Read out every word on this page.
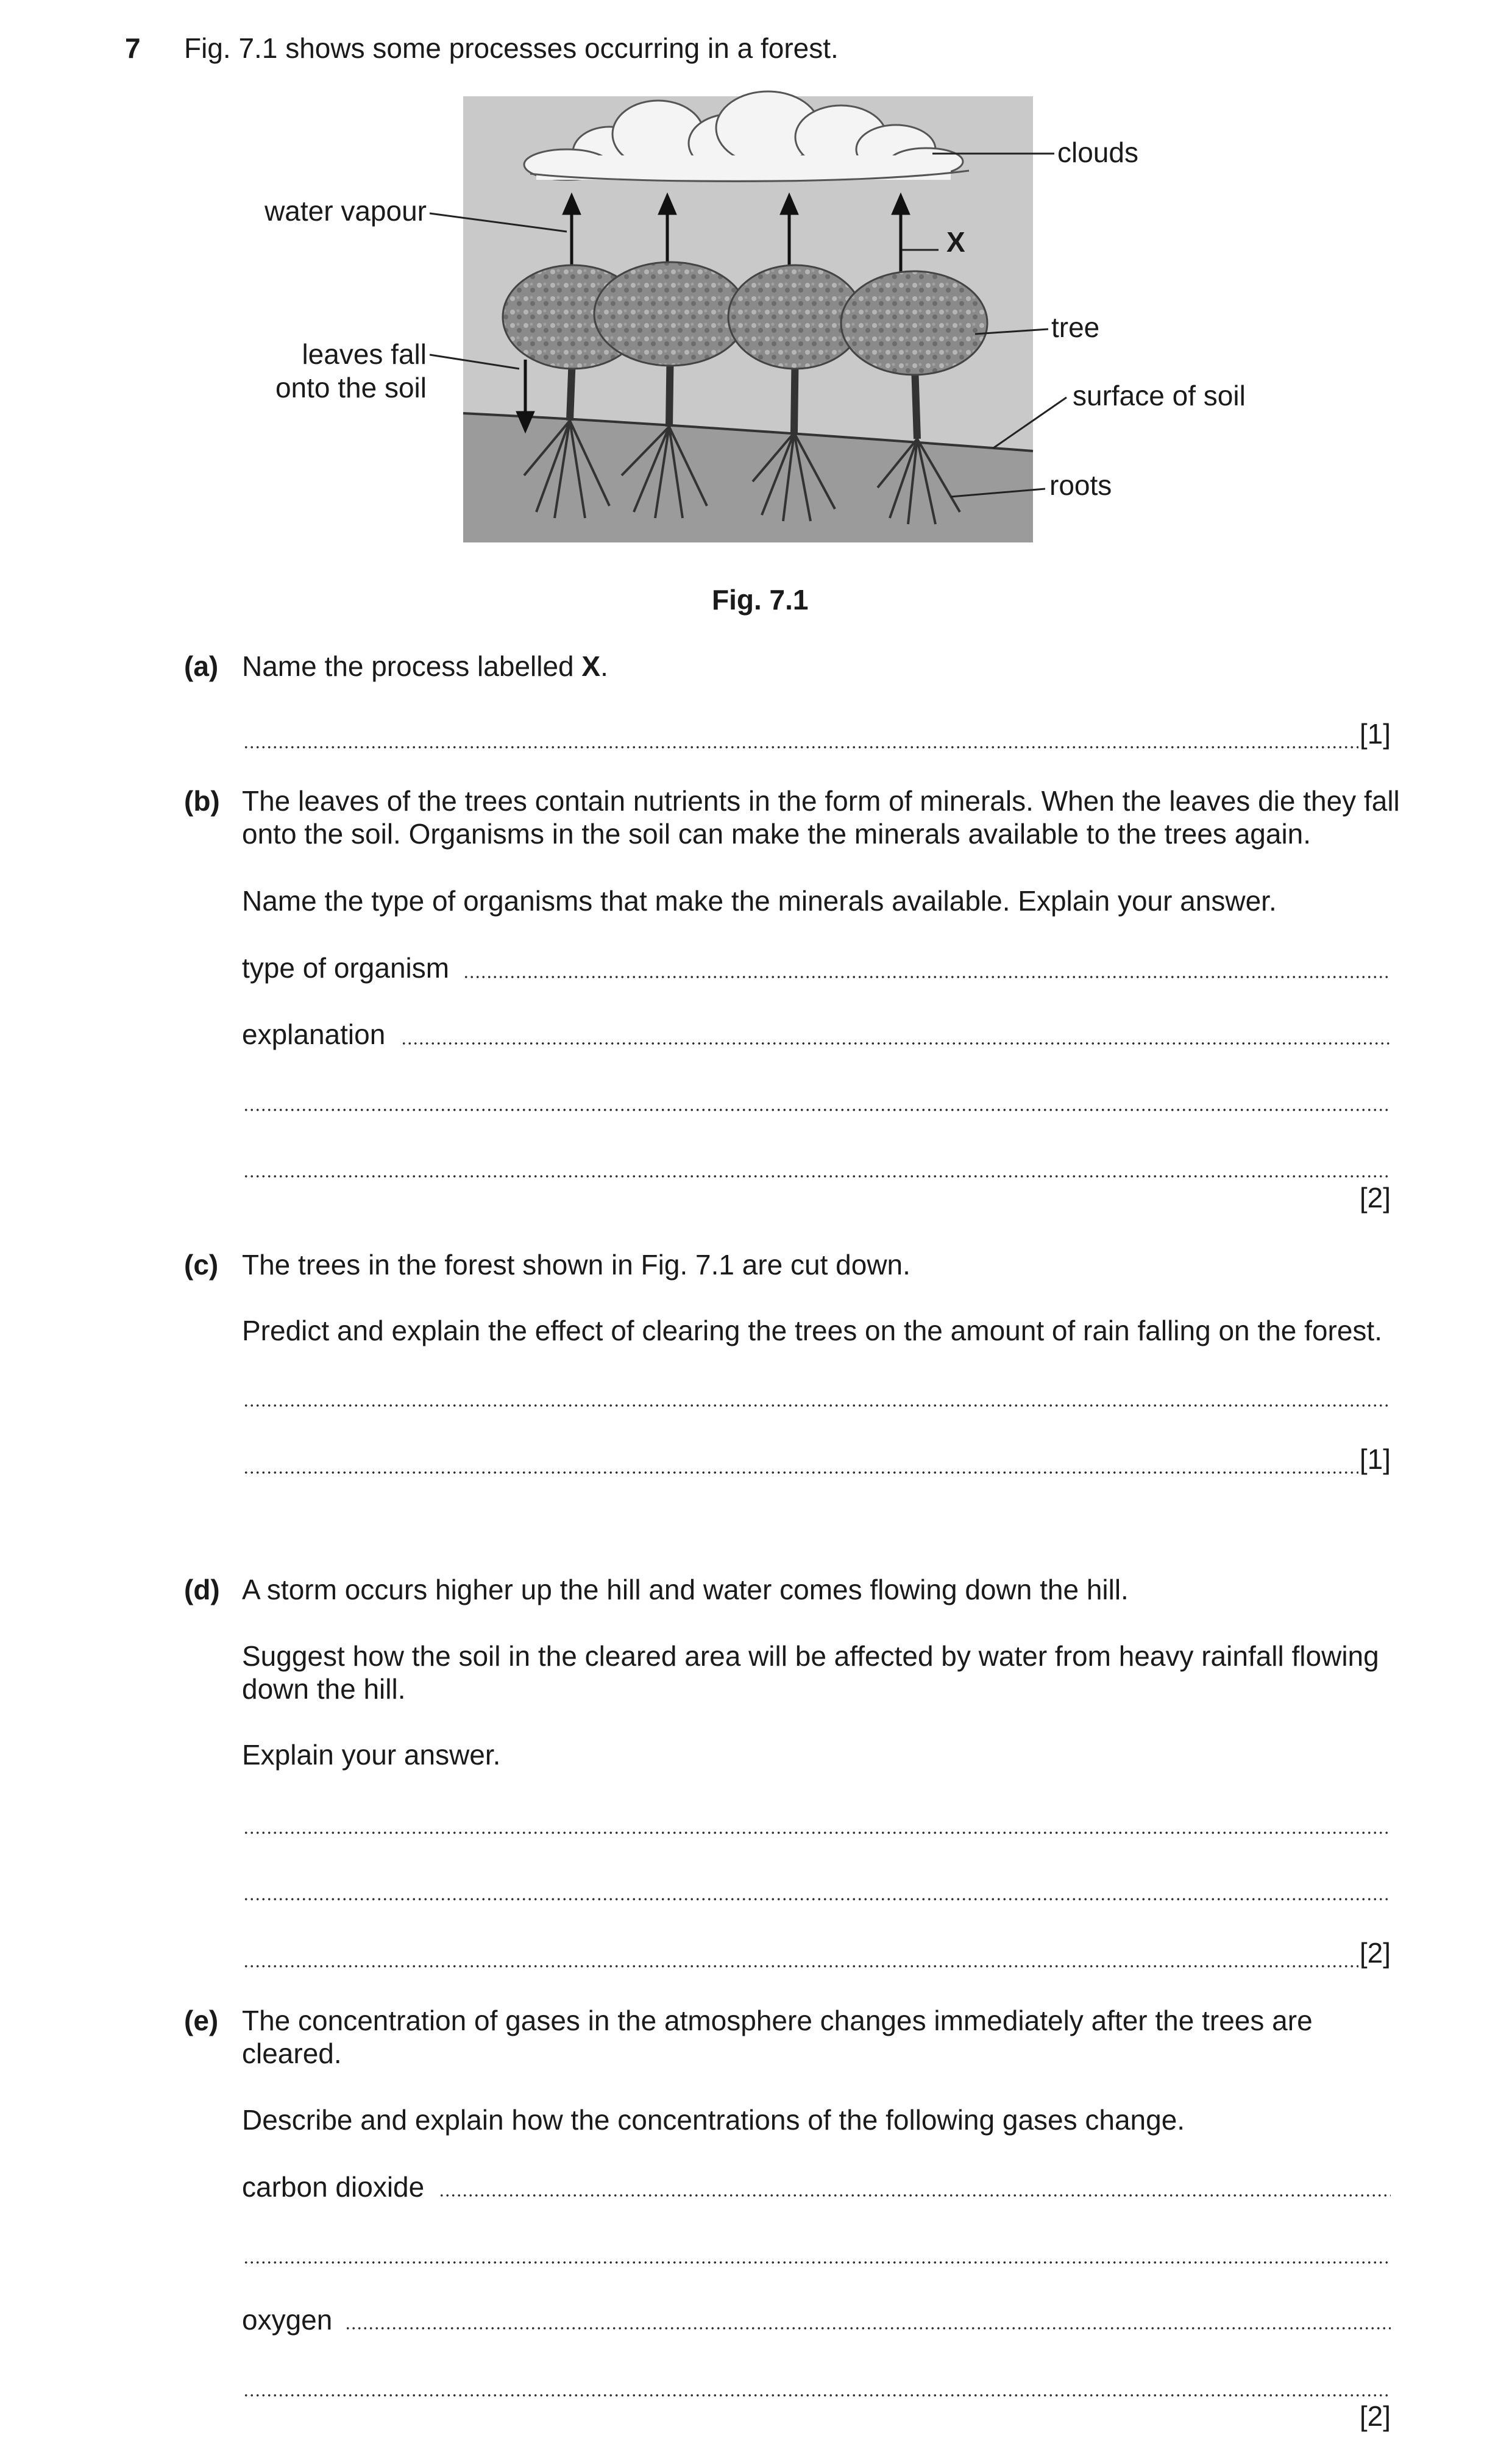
7 Fig. 7.1 shows some processes occurring in a forest.
clouds
water vapour
X
tree
leaves fall
onto the soil	surface of soil
roots
Fig. 7.1
(a) Name the process labelled X.
[1]
(b) The leaves of the trees contain nutrients in the form of minerals. When the leaves die they fall
onto the soil. Organisms in the soil can make the minerals available to the trees again.
Name the type of organisms that make the minerals available. Explain your answer.
type of organism
explanation
[2]
(c) The trees in the forest shown in Fig. 7.1 are cut down.
Predict and explain the effect of clearing the trees on the amount of rain falling on the forest.
[1]
(d) A storm occurs higher up the hill and water comes flowing down the hill.
Suggest how the soil in the cleared area will be affected by water from heavy rainfall flowing
down the hill.
Explain your answer.
[2]
(e) The concentration of gases in the atmosphere changes immediately after the trees are
cleared.
Describe and explain how the concentrations of the following gases change.
carbon dioxide
oxygen
[2]
